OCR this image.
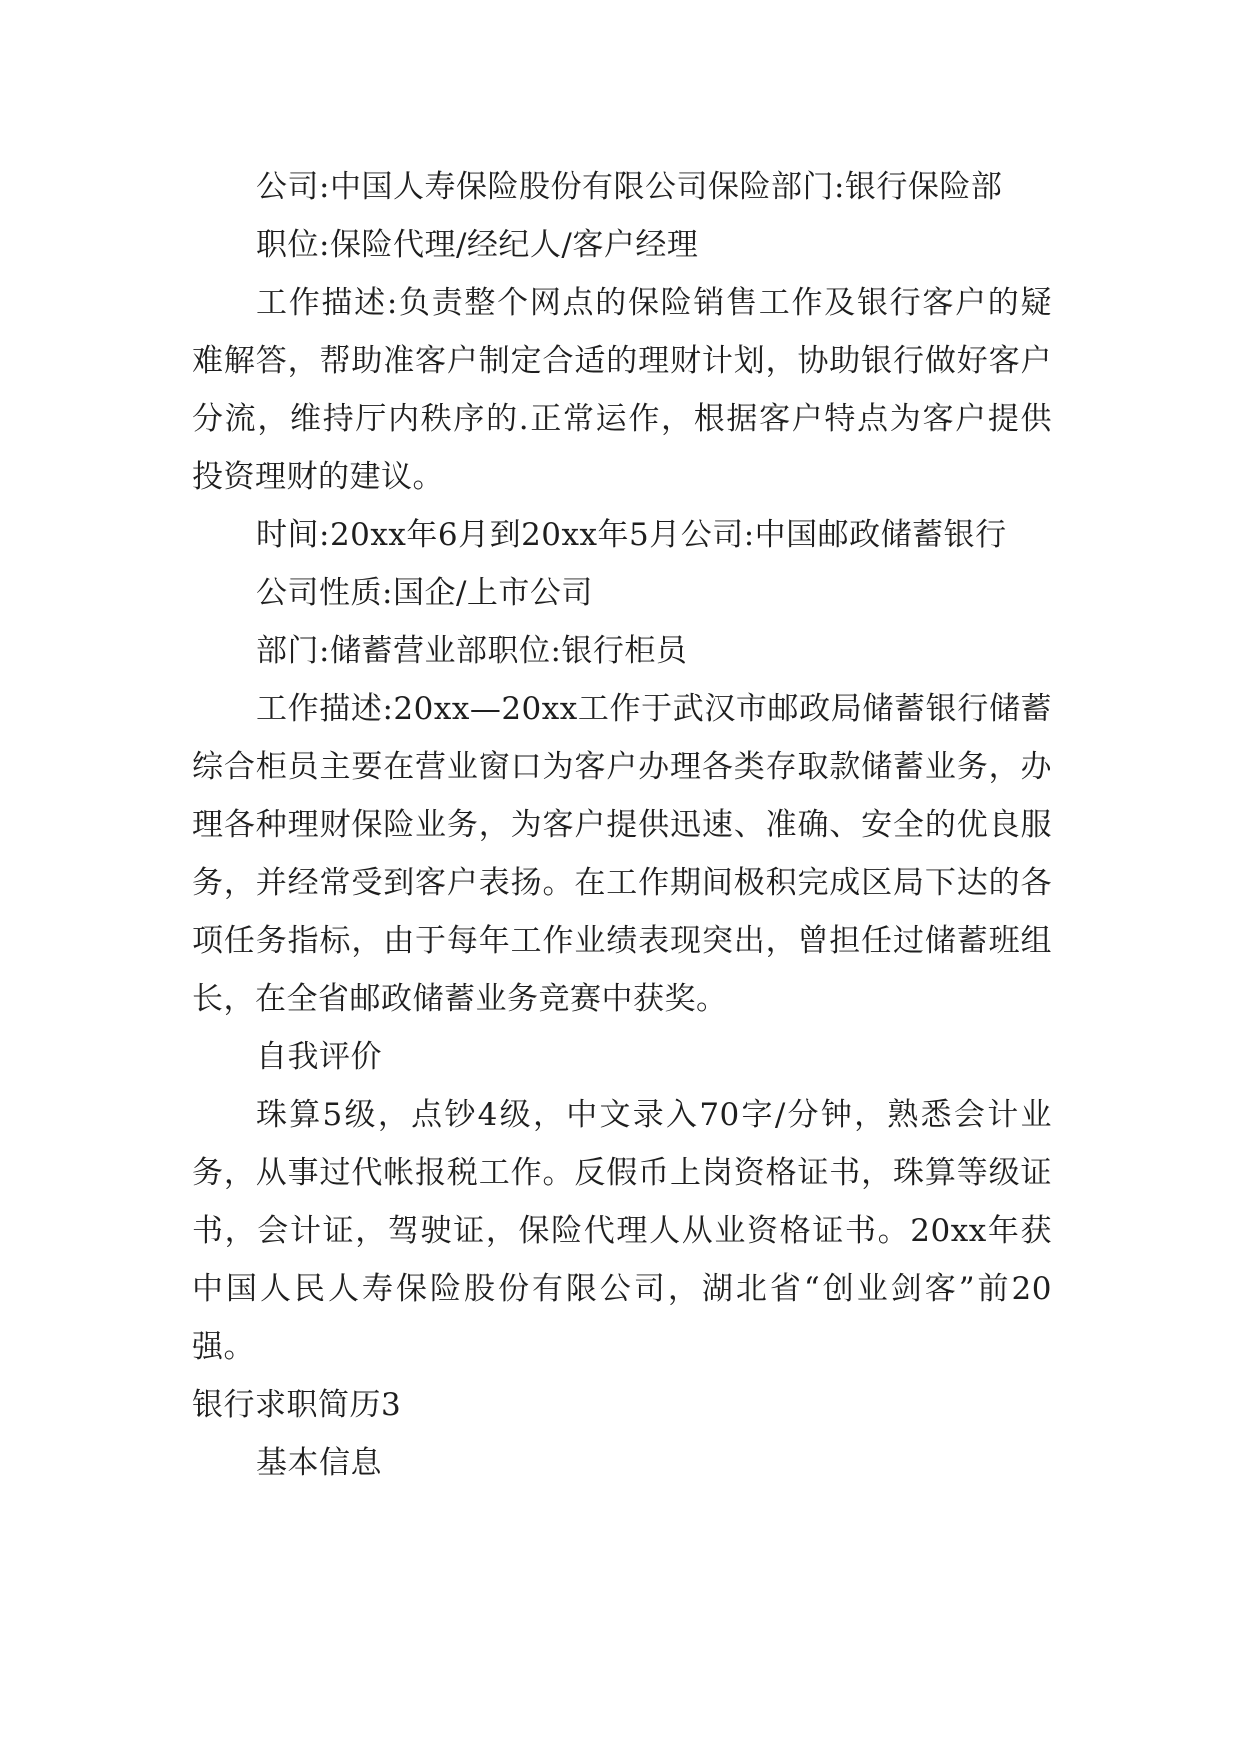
公司:中国人寿保险股份有限公司保险部门:银行保险部

职位:保险代理/经纪人/客户经理

工作描述:负责整个网点的保险销售工作及银行客户的疑难解答，帮助准客户制定合适的理财计划，协助银行做好客户分流，维持厅内秩序的.正常运作，根据客户特点为客户提供投资理财的建议。

时间:20xx年6月到20xx年5月公司:中国邮政储蓄银行

公司性质:国企/上市公司

部门:储蓄营业部职位:银行柜员

工作描述:20xx—20xx工作于武汉市邮政局储蓄银行储蓄综合柜员主要在营业窗口为客户办理各类存取款储蓄业务，办理各种理财保险业务，为客户提供迅速、准确、安全的优良服务，并经常受到客户表扬。在工作期间极积完成区局下达的各项任务指标，由于每年工作业绩表现突出，曾担任过储蓄班组长，在全省邮政储蓄业务竞赛中获奖。

自我评价

珠算5级，点钞4级，中文录入70字/分钟，熟悉会计业务，从事过代帐报税工作。反假币上岗资格证书，珠算等级证书，会计证，驾驶证，保险代理人从业资格证书。20xx年获中国人民人寿保险股份有限公司，湖北省“创业剑客”前20强。

银行求职简历3

基本信息
